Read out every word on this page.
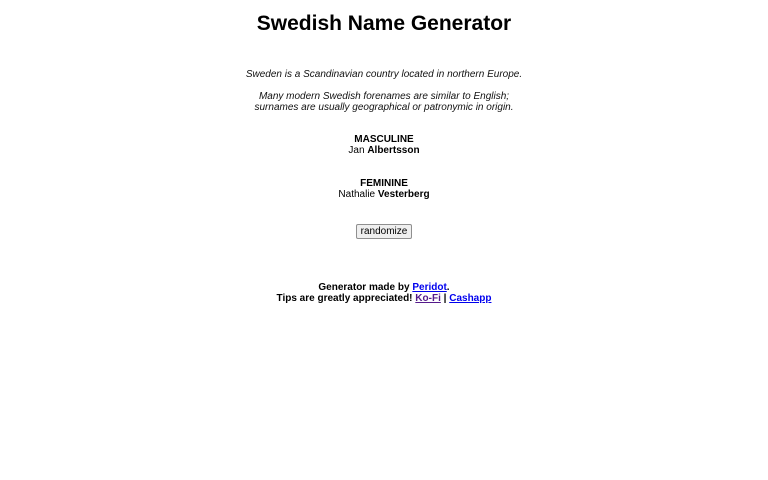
Swedish Name Generator
Sweden is a Scandinavian country located in northern Europe.
Many modern Swedish forenames are similar to English;
surnames are usually geographical or patronymic in origin.
MASCULINE
Jan Albertsson
FEMININE
Nathalie Vesterberg
randomize
Generator made by Peridot.
Tips are greatly appreciated! Ko-Fi | Cashapp
